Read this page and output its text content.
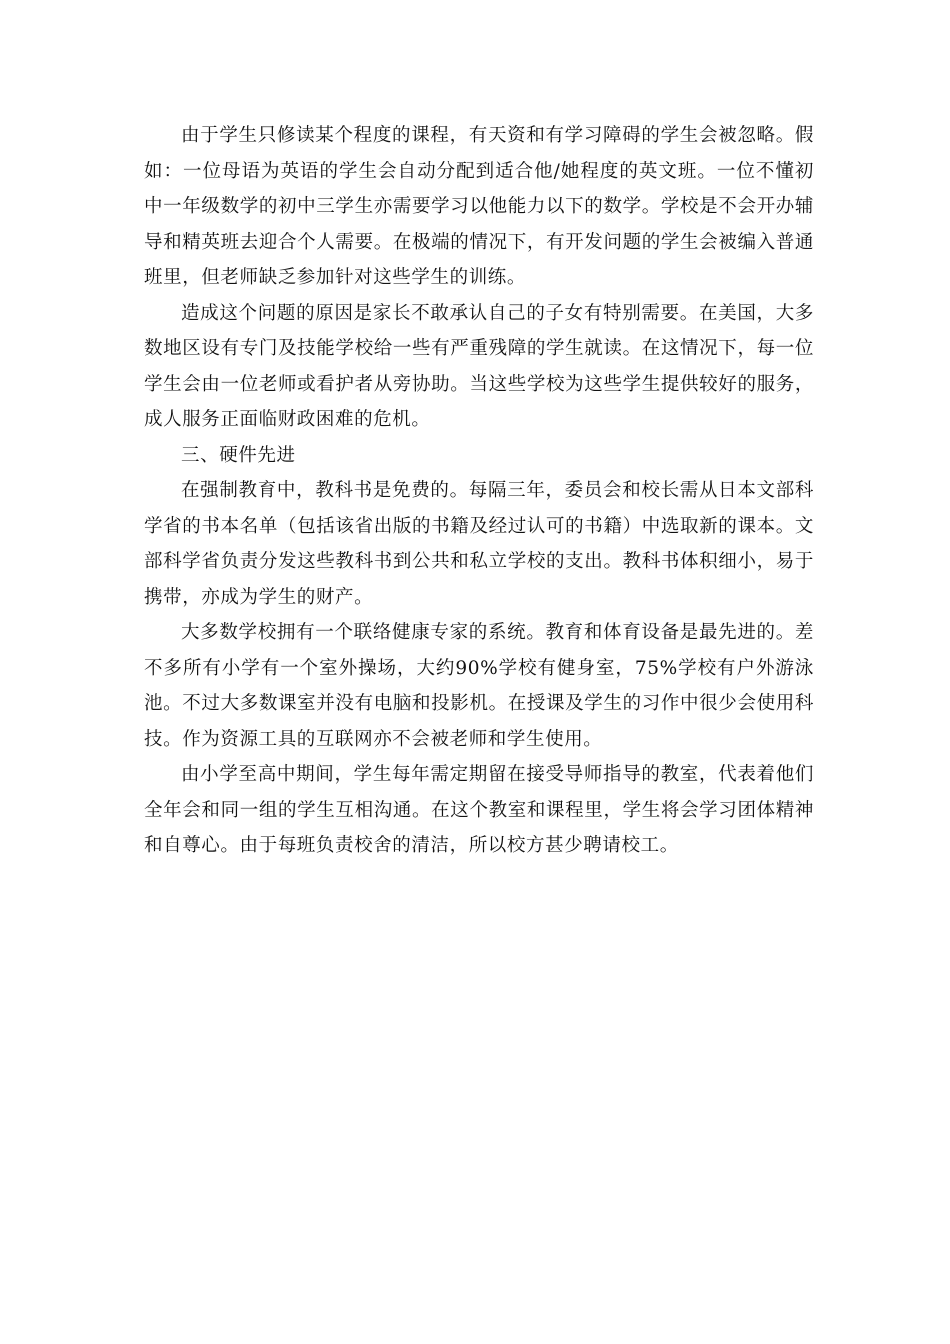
由于学生只修读某个程度的课程，有天资和有学习障碍的学生会被忽略。假如：一位母语为英语的学生会自动分配到适合他/她程度的英文班。一位不懂初中一年级数学的初中三学生亦需要学习以他能力以下的数学。学校是不会开办辅导和精英班去迎合个人需要。在极端的情况下，有开发问题的学生会被编入普通班里，但老师缺乏参加针对这些学生的训练。

造成这个问题的原因是家长不敢承认自己的子女有特别需要。在美国，大多数地区设有专门及技能学校给一些有严重残障的学生就读。在这情况下，每一位学生会由一位老师或看护者从旁协助。当这些学校为这些学生提供较好的服务，成人服务正面临财政困难的危机。

三、硬件先进

在强制教育中，教科书是免费的。每隔三年，委员会和校长需从日本文部科学省的书本名单（包括该省出版的书籍及经过认可的书籍）中选取新的课本。文部科学省负责分发这些教科书到公共和私立学校的支出。教科书体积细小，易于携带，亦成为学生的财产。

大多数学校拥有一个联络健康专家的系统。教育和体育设备是最先进的。差不多所有小学有一个室外操场，大约90%学校有健身室，75%学校有户外游泳池。不过大多数课室并没有电脑和投影机。在授课及学生的习作中很少会使用科技。作为资源工具的互联网亦不会被老师和学生使用。

由小学至高中期间，学生每年需定期留在接受导师指导的教室，代表着他们全年会和同一组的学生互相沟通。在这个教室和课程里，学生将会学习团体精神和自尊心。由于每班负责校舍的清洁，所以校方甚少聘请校工。
